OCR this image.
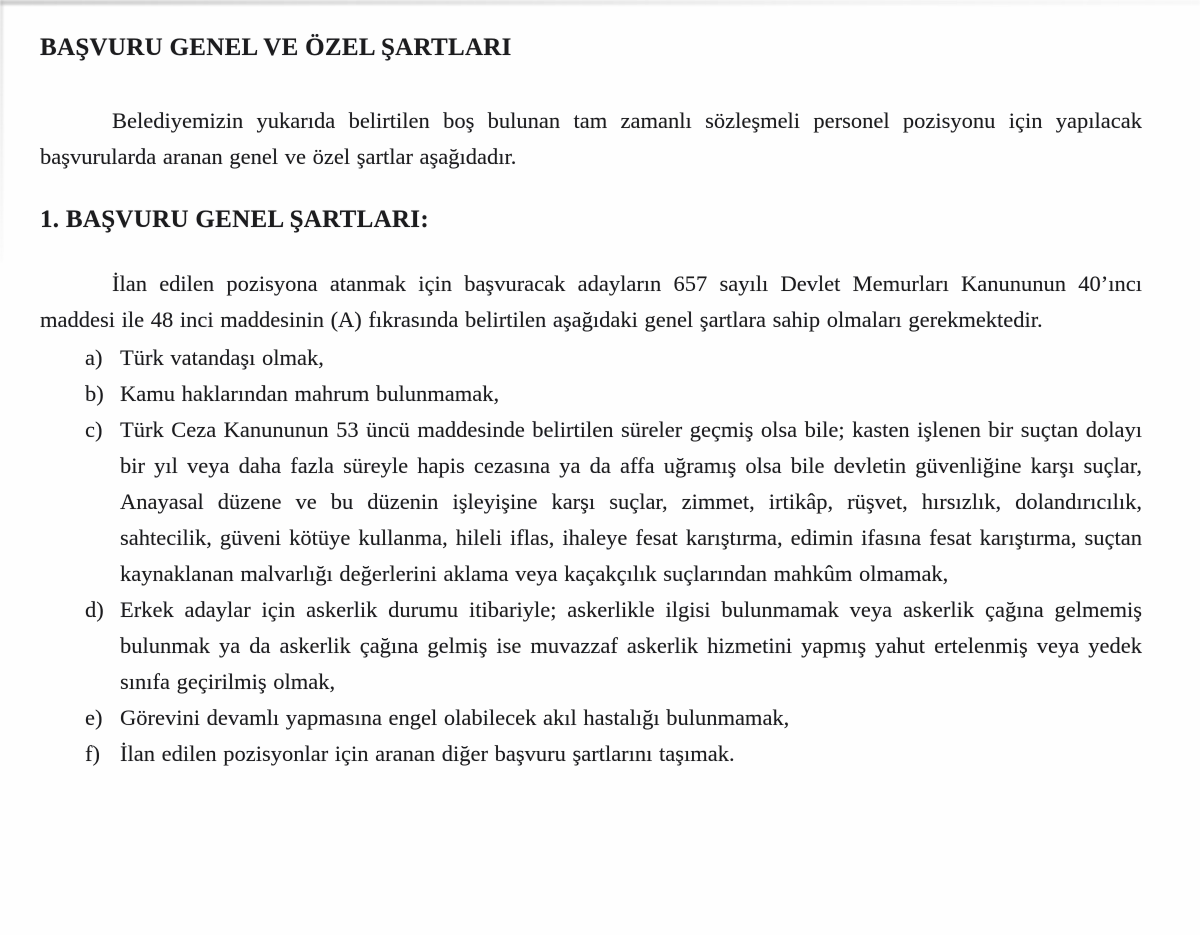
BAŞVURU GENEL VE ÖZEL ŞARTLARI

Belediyemizin yukarıda belirtilen boş bulunan tam zamanlı sözleşmeli personel pozisyonu için yapılacak başvurularda aranan genel ve özel şartlar aşağıdadır.

1. BAŞVURU GENEL ŞARTLARI:

İlan edilen pozisyona atanmak için başvuracak adayların 657 sayılı Devlet Memurları Kanununun 40’ıncı maddesi ile 48 inci maddesinin (A) fıkrasında belirtilen aşağıdaki genel şartlara sahip olmaları gerekmektedir.

a) Türk vatandaşı olmak,
b) Kamu haklarından mahrum bulunmamak,
c) Türk Ceza Kanununun 53 üncü maddesinde belirtilen süreler geçmiş olsa bile; kasten işlenen bir suçtan dolayı bir yıl veya daha fazla süreyle hapis cezasına ya da affa uğramış olsa bile devletin güvenliğine karşı suçlar, Anayasal düzene ve bu düzenin işleyişine karşı suçlar, zimmet, irtikâp, rüşvet, hırsızlık, dolandırıcılık, sahtecilik, güveni kötüye kullanma, hileli iflas, ihaleye fesat karıştırma, edimin ifasına fesat karıştırma, suçtan kaynaklanan malvarlığı değerlerini aklama veya kaçakçılık suçlarından mahkûm olmamak,
d) Erkek adaylar için askerlik durumu itibariyle; askerlikle ilgisi bulunmamak veya askerlik çağına gelmemiş bulunmak ya da askerlik çağına gelmiş ise muvazzaf askerlik hizmetini yapmış yahut ertelenmiş veya yedek sınıfa geçirilmiş olmak,
e) Görevini devamlı yapmasına engel olabilecek akıl hastalığı bulunmamak,
f) İlan edilen pozisyonlar için aranan diğer başvuru şartlarını taşımak.
